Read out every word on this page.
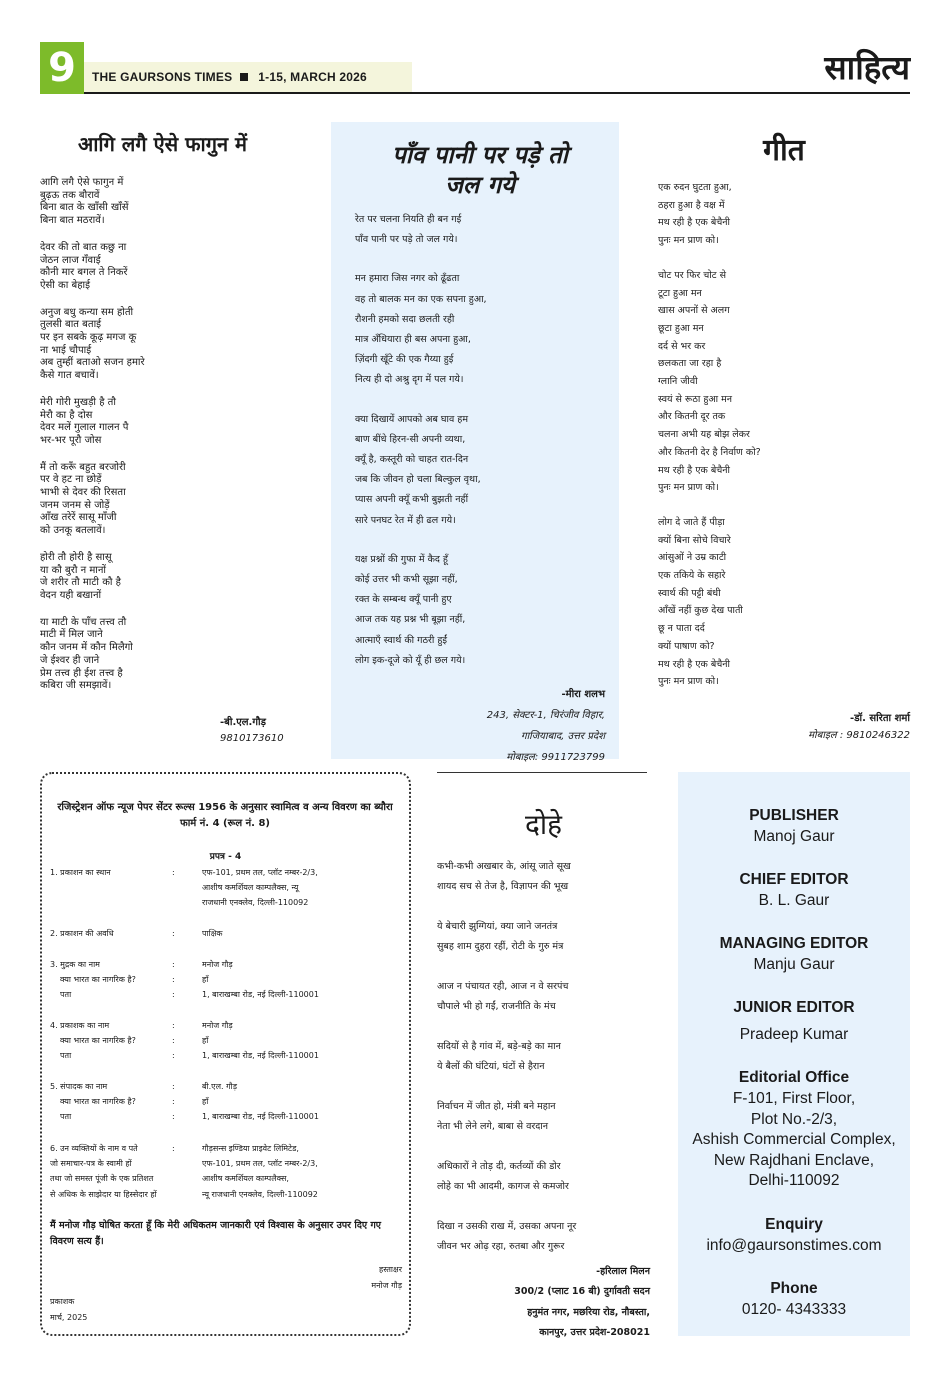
9	THE GAURSONS TIMES 1-15, MARCH 2026	साहित्य
आगि लगै ऐसे फागुन में
आगि लगै ऐसे फागुन में
बुढ़ऊ तक बौरावें
बिना बात के खाँसी खाँसें
बिना बात मठरावें।
देवर की तो बात कछु ना
जेठन लाज गँवाई
कौनी मार बगल ते निकरें
ऐसी का बेहाई
अनुज बधु कन्या सम होती
तुलसी बात बताई
पर इन सबके कूढ़ मगज कू
ना भाई चौपाई
अब तुम्हीं बताओ सजन हमारे
कैसे गात बचावें।
मेरी गोरी मुखड़ी है तौ
मेरौ का है दोस
देवर मलें गुलाल गालन पै
भर-भर पूरौ जोस
मैं तो करूँ बहुत बरजोरी
पर वे हट ना छोड़ें
भाभी से देवर की रिसता
जनम जनम से जोड़ें
आँख तरेरें सासू माँजी
को उनकू बतलावें।
होरी तौ होरी है सासू
या कौ बुरौ न मानों
जे शरीर तौ माटी कौ है
वेदन यही बखानों
या माटी के पाँच तत्त्व तौ
माटी में मिल जाने
कौन जनम में कौन मिलैगो
जे ईश्वर ही जाने
प्रेम तत्त्व ही ईश तत्त्व है
कबिरा जी समझावें।
-बी.एल.गौड़
9810173610
पाँव पानी पर पड़े तो
जल गये
रेत पर चलना नियति ही बन गई
पाँव पानी पर पड़े तो जल गये।
मन हमारा जिस नगर को ढूँढता
वह तो बालक मन का एक सपना हुआ,
रौशनी हमको सदा छलती रही
मात्र अँधियारा ही बस अपना हुआ,
ज़िंदगी खूँटे की एक गैय्या हुई
नित्य ही दो अश्रु दृग में पल गये।
क्या दिखायें आपको अब घाव हम
बाण बींधे हिरन-सी अपनी व्यथा,
क्यूँ है, कस्तूरी को चाहत रात-दिन
जब कि जीवन हो चला बिल्कुल वृथा,
प्यास अपनी क्यूँ कभी बुझती नहीं
सारे पनघट रेत में ही ढल गये।
यक्ष प्रश्नों की गुफा में कैद हूँ
कोई उत्तर भी कभी सूझा नहीं,
रक्त के सम्बन्ध क्यूँ पानी हुए
आज तक यह प्रश्न भी बूझा नहीं,
आत्माएँ स्वार्थ की गठरी हुईं
लोग इक-दूजे को यूँ ही छल गये।
-मीरा शलभ
243, सेक्टर-1, चिरंजीव विहार,
गाजियाबाद, उत्तर प्रदेश
मोबाइल: 9911723799
गीत
एक रुदन घुटता हुआ,
ठहरा हुआ है वक्ष में
मथ रही है एक बेचैनी
पुनः मन प्राण को।
चोट पर फिर चोट से
टूटा हुआ मन
खास अपनों से अलग
छूटा हुआ मन
दर्द से भर कर
छलकता जा रहा है
ग्लानि जीवी
स्वयं से रूठा हुआ मन
और कितनी दूर तक
चलना अभी यह बोझ लेकर
और कितनी देर है निर्वाण को?
मथ रही है एक बेचैनी
पुनः मन प्राण को।
लोग दे जाते हैं पीड़ा
क्यों बिना सोचे विचारे
आंसुओं ने उम्र काटी
एक तकिये के सहारे
स्वार्थ की पट्टी बंधी
आँखें नहीं कुछ देख पाती
छू न पाता दर्द
क्यों पाषाण को?
मथ रही है एक बेचैनी
पुनः मन प्राण को।
-डॉ. सरिता शर्मा
मोबाइल : 9810246322
रजिस्ट्रेशन ऑफ न्यूज पेपर सेंटर रूल्स 1956 के अनुसार स्वामित्व व अन्य विवरण का ब्यौरा फार्म नं. 4 (रूल नं. 8)
प्रपत्र - 4
1. प्रकाशन का स्थान	:	एफ-101, प्रथम तल, प्लॉट नम्बर-2/3,
आशीष कमर्शियल काम्पलैक्स, न्यू
राजधानी एनक्लेव, दिल्ली-110092
2. प्रकाशन की अवधि	:	पाक्षिक
3. मुद्रक का नाम	:	मनोज गौड़
क्या भारत का नागरिक है?	:	हाँ
पता	:	1, बाराखम्बा रोड, नई दिल्ली-110001
4. प्रकाशक का नाम	:	मनोज गौड़
क्या भारत का नागरिक है?	:	हाँ
पता	:	1, बाराखम्बा रोड, नई दिल्ली-110001
5. संपादक का नाम	:	बी.एल. गौड़
क्या भारत का नागरिक है?	:	हाँ
पता	:	1, बाराखम्बा रोड, नई दिल्ली-110001
6. उन व्यक्तियों के नाम व पते	:	गौड़सन्स इण्डिया प्राइवेट लिमिटेड,
जो समाचार-पत्र के स्वामी हों	एफ-101, प्रथम तल, प्लॉट नम्बर-2/3,
तथा जो समस्त पूंजी के एक प्रतिशत	आशीष कमर्शियल काम्पलैक्स,
से अधिक के साझेदार या हिस्सेदार हों	न्यू राजधानी एनक्लेव, दिल्ली-110092
मैं मनोज गौड़ घोषित करता हूँ कि मेरी अधिकतम जानकारी एवं विश्वास के अनुसार उपर दिए गए विवरण सत्य हैं।
हस्ताक्षर
मनोज गौड़
प्रकाशक
मार्च, 2025
दोहे
कभी-कभी अखबार के, आंसू जाते सूख
शायद सच से तेज है, विज्ञापन की भूख
ये बेचारी झुग्गियां, क्या जाने जनतंत्र
सुबह शाम दुहरा रहीं, रोटी के गुरु मंत्र
आज न पंचायत रही, आज न वे सरपंच
चौपाले भी हो गईं, राजनीति के मंच
सदियों से है गांव में, बड़े-बड़े का मान
ये बैलों की घंटियां, घंटों से हैरान
निर्वाचन में जीत हो, मंत्री बने महान
नेता भी लेने लगे, बाबा से वरदान
अधिकारों ने तोड़ दी, कर्तव्यों की डोर
लोहे का भी आदमी, कागज से कमजोर
दिखा न उसकी राख में, उसका अपना नूर
जीवन भर ओढ़ रहा, रुतबा और गुरूर
-हरिलाल मिलन
300/2 (प्लाट 16 बी) दुर्गावती सदन
हनुमंत नगर, मछरिया रोड, नौबस्ता,
कानपुर, उत्तर प्रदेश-208021
PUBLISHER
Manoj Gaur
CHIEF EDITOR
B. L. Gaur
MANAGING EDITOR
Manju Gaur
JUNIOR EDITOR
Pradeep Kumar
Editorial Office
F-101, First Floor,
Plot No.-2/3,
Ashish Commercial Complex,
New Rajdhani Enclave,
Delhi-110092
Enquiry
info@gaursonstimes.com
Phone
0120- 4343333
